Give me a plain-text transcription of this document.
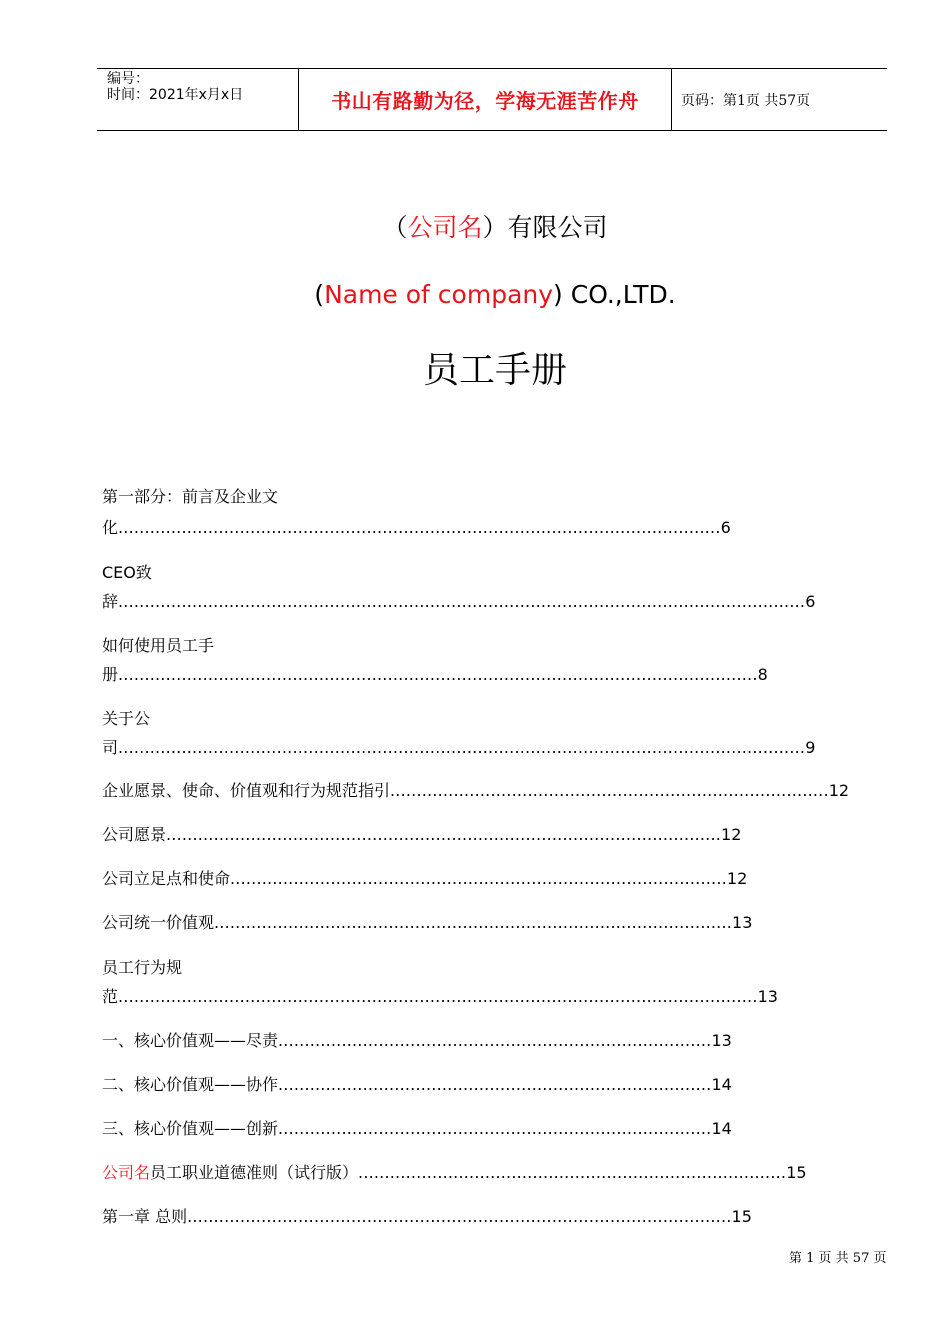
编号：
时间：2021年x月x日	书山有路勤为径，学海无涯苦作舟	页码：第1页 共57页
（公司名）有限公司
(Name of company) CO.,LTD.
员工手册
第一部分：前言及企业文
化..................................................................................................................6
CEO致
辞..................................................................................................................................6
如何使用员工手
册.........................................................................................................................8
关于公
司..................................................................................................................................9
企业愿景、使命、价值观和行为规范指引...................................................................................12
公司愿景.........................................................................................................12
公司立足点和使命..............................................................................................12
公司统一价值观..................................................................................................13
员工行为规
范.........................................................................................................................13
一、核心价值观——尽责..................................................................................13
二、核心价值观——协作..................................................................................14
三、核心价值观——创新..................................................................................14
公司名员工职业道德准则（试行版）.................................................................................15
第一章 总则.......................................................................................................15
第 1 页 共 57 页
